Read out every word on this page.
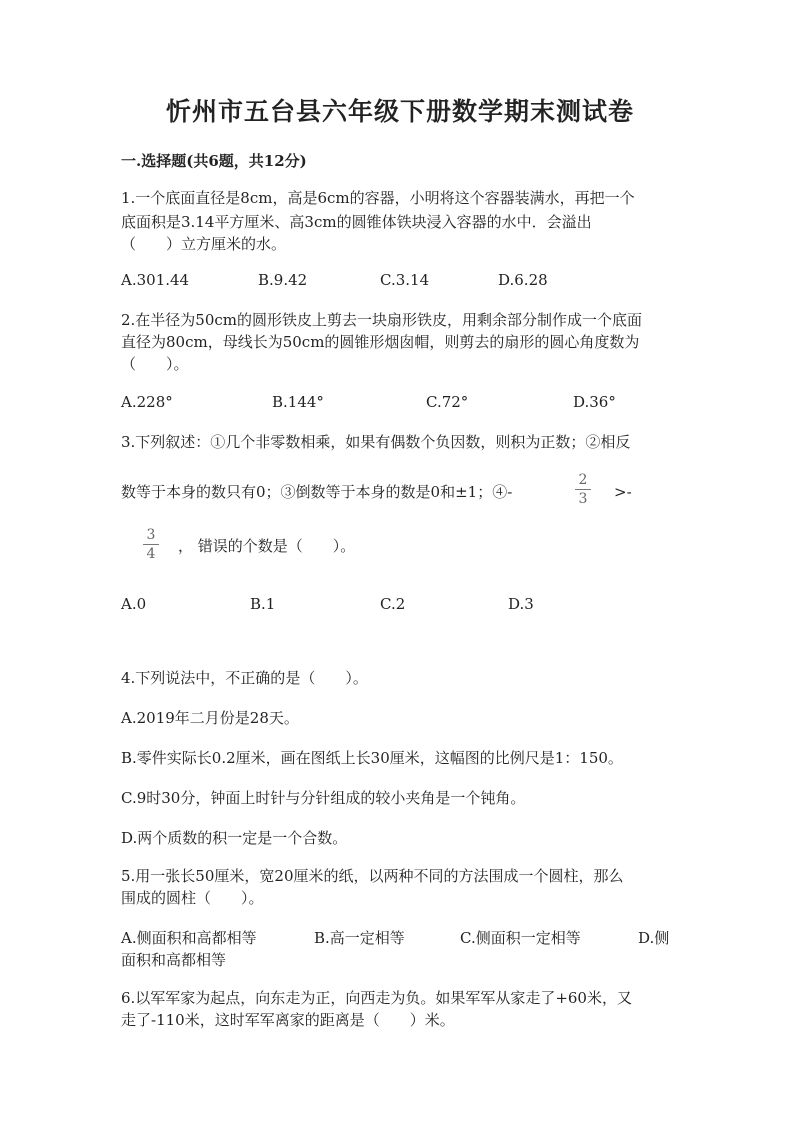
忻州市五台县六年级下册数学期末测试卷
一.选择题(共6题，共12分)
1.一个底面直径是8cm，高是6cm的容器，小明将这个容器装满水，再把一个
底面积是3.14平方厘米、高3cm的圆锥体铁块浸入容器的水中．会溢出
（　　）立方厘米的水。
A.301.44	B.9.42	C.3.14	D.6.28
2.在半径为50cm的圆形铁皮上剪去一块扇形铁皮，用剩余部分制作成一个底面
直径为80cm，母线长为50cm的圆锥形烟囱帽，则剪去的扇形的圆心角度数为
（　　）。
A.228°	B.144°	C.72°	D.36°
3.下列叙述：①几个非零数相乘，如果有偶数个负因数，则积为正数；②相反
数等于本身的数只有0；③倒数等于本身的数是0和±1；④-
2
3	>-
3
4	， 错误的个数是（　　）。
A.0	B.1	C.2	D.3
4.下列说法中，不正确的是（　　）。
A.2019年二月份是28天。
B.零件实际长0.2厘米，画在图纸上长30厘米，这幅图的比例尺是1：150。
C.9时30分，钟面上时针与分针组成的较小夹角是一个钝角。
D.两个质数的积一定是一个合数。
5.用一张长50厘米，宽20厘米的纸，以两种不同的方法围成一个圆柱，那么
围成的圆柱（　　）。
A.侧面积和高都相等	B.高一定相等	C.侧面积一定相等	D.侧
面积和高都相等
6.以军军家为起点，向东走为正，向西走为负。如果军军从家走了+60米，又
走了-110米，这时军军离家的距离是（　　）米。
